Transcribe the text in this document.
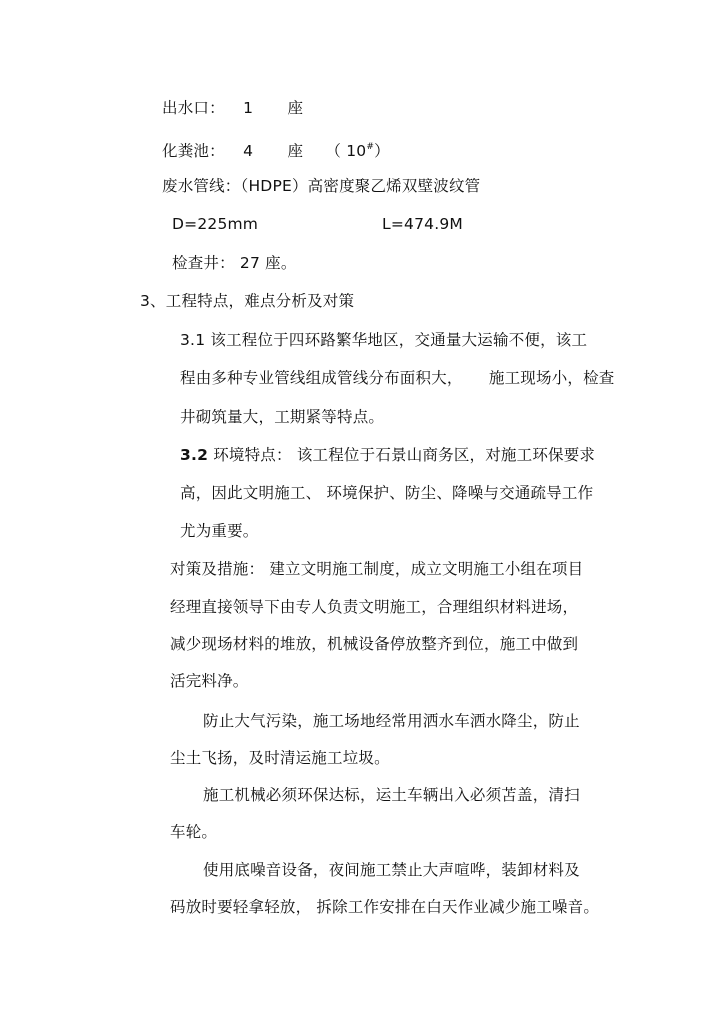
出水口： 1 座
化粪池： 4 座 （ 10#）
废水管线：（HDPE）高密度聚乙烯双壁波纹管
D=225mm	L=474.9M
检查井： 27 座。
3、工程特点，难点分析及对策
3.1 该工程位于四环路繁华地区，交通量大运输不便，该工
程由多种专业管线组成管线分布面积大， 施工现场小，检查
井砌筑量大，工期紧等特点。
3.2 环境特点： 该工程位于石景山商务区，对施工环保要求
高，因此文明施工、 环境保护、防尘、降噪与交通疏导工作
尤为重要。
对策及措施： 建立文明施工制度，成立文明施工小组在项目
经理直接领导下由专人负责文明施工，合理组织材料进场，
减少现场材料的堆放，机械设备停放整齐到位，施工中做到
活完料净。
防止大气污染，施工场地经常用洒水车洒水降尘，防止
尘土飞扬，及时清运施工垃圾。
施工机械必须环保达标，运土车辆出入必须苫盖，清扫
车轮。
使用底噪音设备，夜间施工禁止大声喧哗，装卸材料及
码放时要轻拿轻放， 拆除工作安排在白天作业减少施工噪音。
